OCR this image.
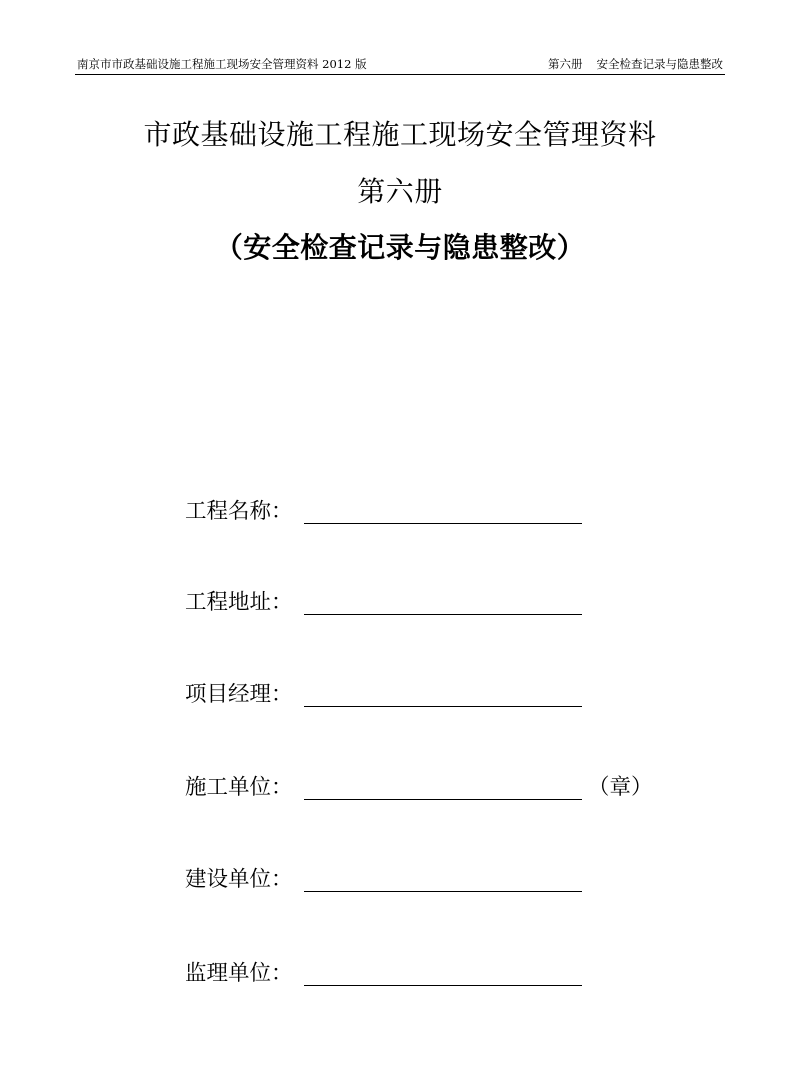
南京市市政基础设施工程施工现场安全管理资料 2012 版	第六册 安全检查记录与隐患整改
市政基础设施工程施工现场安全管理资料
第六册
（安全检查记录与隐患整改）
工程名称：
工程地址：
项目经理：
施工单位：	（章）
建设单位：
监理单位：
